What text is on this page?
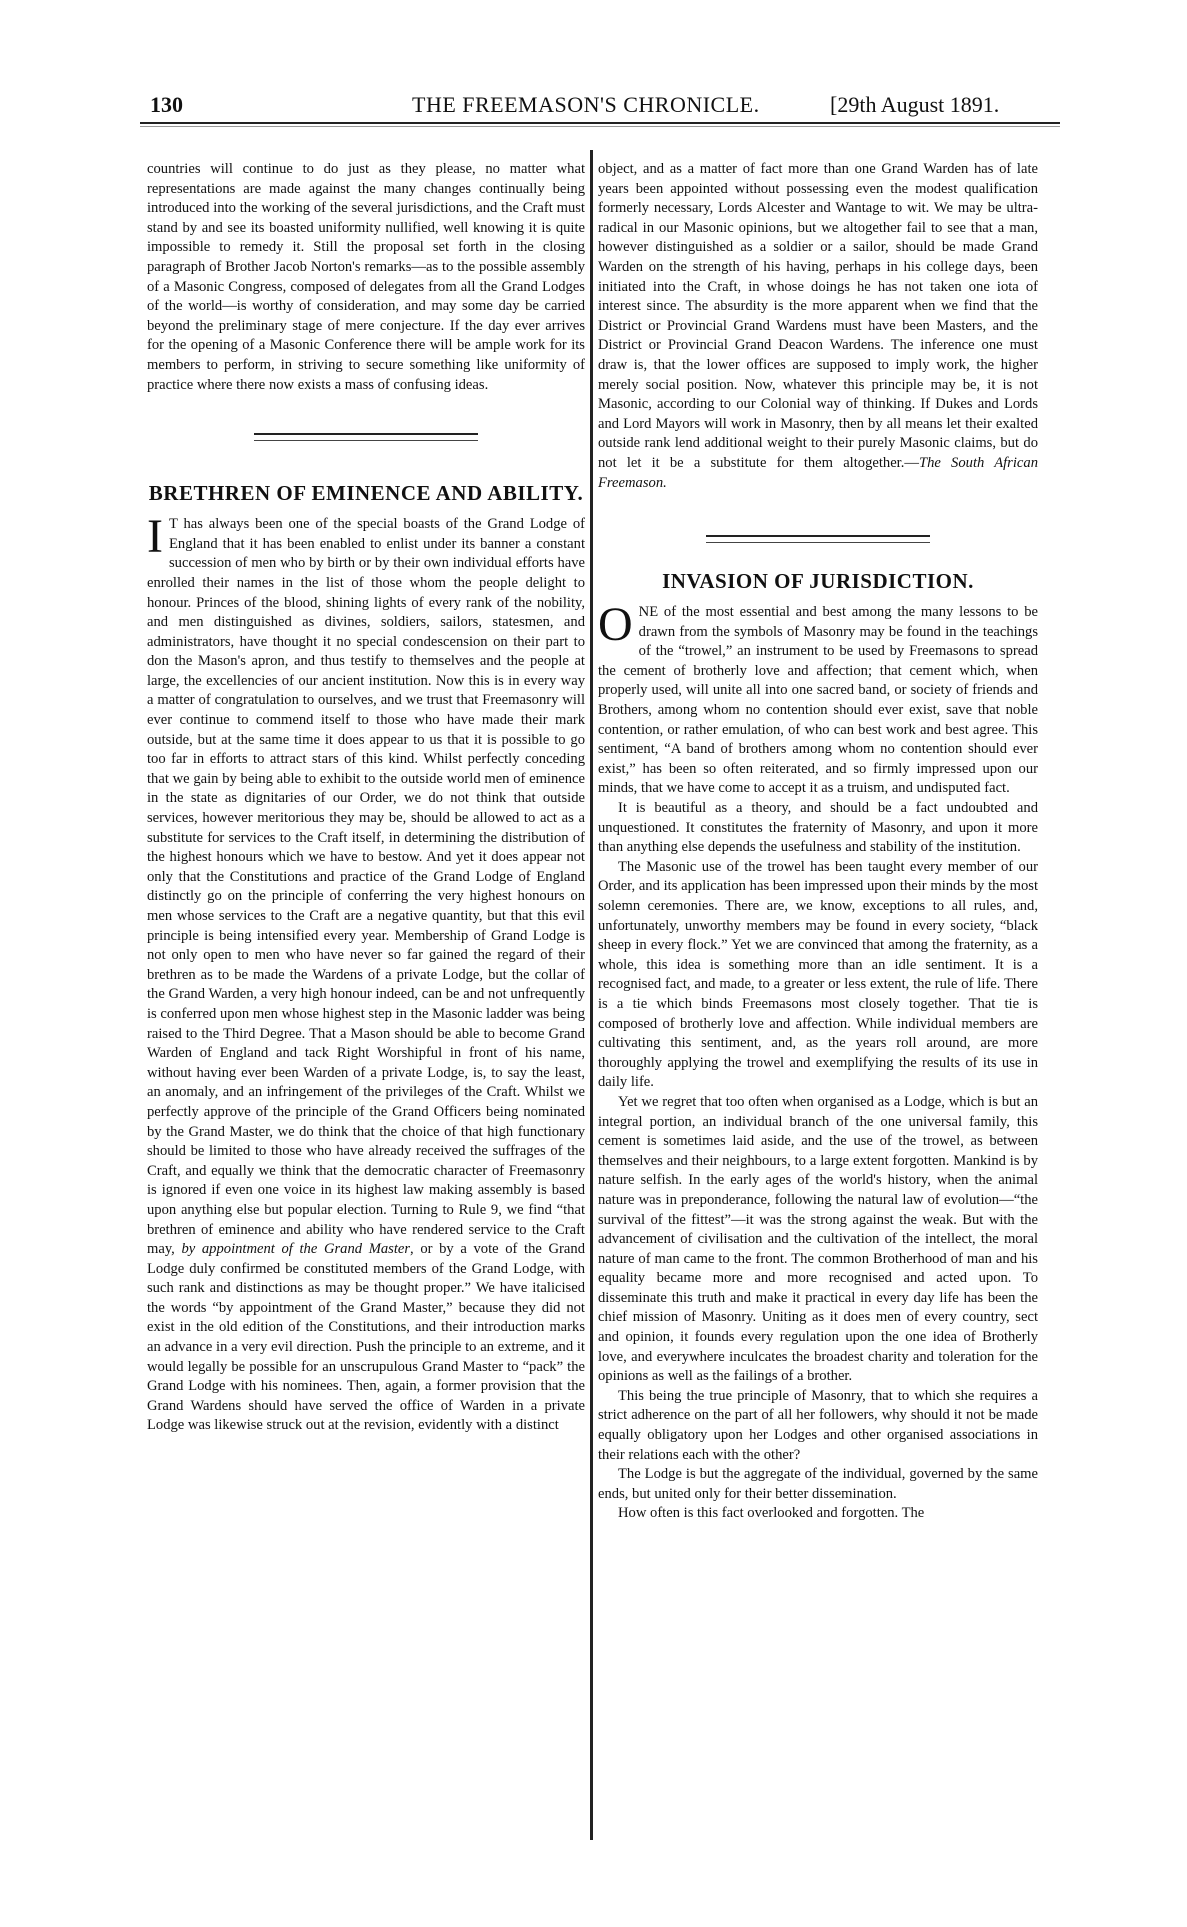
130	THE FREEMASON'S CHRONICLE.	[29th August 1891.

countries will continue to do just as they please, no matter what representations are made against the many changes continually being introduced into the working of the several jurisdictions, and the Craft must stand by and see its boasted uniformity nullified, well knowing it is quite impossible to remedy it. Still the proposal set forth in the closing paragraph of Brother Jacob Norton's remarks—as to the possible assembly of a Masonic Congress, composed of delegates from all the Grand Lodges of the world—is worthy of consideration, and may some day be carried beyond the preliminary stage of mere conjecture. If the day ever arrives for the opening of a Masonic Conference there will be ample work for its members to perform, in striving to secure something like uniformity of practice where there now exists a mass of confusing ideas.

BRETHREN OF EMINENCE AND ABILITY.

I T has always been one of the special boasts of the Grand Lodge of England that it has been enabled to enlist under its banner a constant succession of men who by birth or by their own individual efforts have enrolled their names in the list of those whom the people delight to honour. Princes of the blood, shining lights of every rank of the nobility, and men distinguished as divines, soldiers, sailors, statesmen, and administrators, have thought it no special condescension on their part to don the Mason's apron, and thus testify to themselves and the people at large, the excellencies of our ancient institution. Now this is in every way a matter of congratulation to ourselves, and we trust that Freemasonry will ever continue to commend itself to those who have made their mark outside, but at the same time it does appear to us that it is possible to go too far in efforts to attract stars of this kind. Whilst perfectly conceding that we gain by being able to exhibit to the outside world men of eminence in the state as dignitaries of our Order, we do not think that outside services, however meritorious they may be, should be allowed to act as a substitute for services to the Craft itself, in determining the distribution of the highest honours which we have to bestow. And yet it does appear not only that the Constitutions and practice of the Grand Lodge of England distinctly go on the principle of conferring the very highest honours on men whose services to the Craft are a negative quantity, but that this evil principle is being intensified every year. Membership of Grand Lodge is not only open to men who have never so far gained the regard of their brethren as to be made the Wardens of a private Lodge, but the collar of the Grand Warden, a very high honour indeed, can be and not unfrequently is conferred upon men whose highest step in the Masonic ladder was being raised to the Third Degree. That a Mason should be able to become Grand Warden of England and tack Right Worshipful in front of his name, without having ever been Warden of a private Lodge, is, to say the least, an anomaly, and an infringement of the privileges of the Craft. Whilst we perfectly approve of the principle of the Grand Officers being nominated by the Grand Master, we do think that the choice of that high functionary should be limited to those who have already received the suffrages of the Craft, and equally we think that the democratic character of Freemasonry is ignored if even one voice in its highest law making assembly is based upon anything else but popular election. Turning to Rule 9, we find “that brethren of eminence and ability who have rendered service to the Craft may, by appointment of the Grand Master, or by a vote of the Grand Lodge duly confirmed be constituted members of the Grand Lodge, with such rank and distinctions as may be thought proper.” We have italicised the words “by appointment of the Grand Master,” because they did not exist in the old edition of the Constitutions, and their introduction marks an advance in a very evil direction. Push the principle to an extreme, and it would legally be possible for an unscrupulous Grand Master to “pack” the Grand Lodge with his nominees. Then, again, a former provision that the Grand Wardens should have served the office of Warden in a private Lodge was likewise struck out at the revision, evidently with a distinct

object, and as a matter of fact more than one Grand Warden has of late years been appointed without possessing even the modest qualification formerly necessary, Lords Alcester and Wantage to wit. We may be ultra-radical in our Masonic opinions, but we altogether fail to see that a man, however distinguished as a soldier or a sailor, should be made Grand Warden on the strength of his having, perhaps in his college days, been initiated into the Craft, in whose doings he has not taken one iota of interest since. The absurdity is the more apparent when we find that the District or Provincial Grand Wardens must have been Masters, and the District or Provincial Grand Deacon Wardens. The inference one must draw is, that the lower offices are supposed to imply work, the higher merely social position. Now, whatever this principle may be, it is not Masonic, according to our Colonial way of thinking. If Dukes and Lords and Lord Mayors will work in Masonry, then by all means let their exalted outside rank lend additional weight to their purely Masonic claims, but do not let it be a substitute for them altogether.—The South African Freemason.

INVASION OF JURISDICTION.

ONE of the most essential and best among the many lessons to be drawn from the symbols of Masonry may be found in the teachings of the “trowel,” an instrument to be used by Freemasons to spread the cement of brotherly love and affection; that cement which, when properly used, will unite all into one sacred band, or society of friends and Brothers, among whom no contention should ever exist, save that noble contention, or rather emulation, of who can best work and best agree. This sentiment, “A band of brothers among whom no contention should ever exist,” has been so often reiterated, and so firmly impressed upon our minds, that we have come to accept it as a truism, and undisputed fact.

It is beautiful as a theory, and should be a fact undoubted and unquestioned. It constitutes the fraternity of Masonry, and upon it more than anything else depends the usefulness and stability of the institution.

The Masonic use of the trowel has been taught every member of our Order, and its application has been impressed upon their minds by the most solemn ceremonies. There are, we know, exceptions to all rules, and, unfortunately, unworthy members may be found in every society, “black sheep in every flock.” Yet we are convinced that among the fraternity, as a whole, this idea is something more than an idle sentiment. It is a recognised fact, and made, to a greater or less extent, the rule of life. There is a tie which binds Freemasons most closely together. That tie is composed of brotherly love and affection. While individual members are cultivating this sentiment, and, as the years roll around, are more thoroughly applying the trowel and exemplifying the results of its use in daily life.

Yet we regret that too often when organised as a Lodge, which is but an integral portion, an individual branch of the one universal family, this cement is sometimes laid aside, and the use of the trowel, as between themselves and their neighbours, to a large extent forgotten. Mankind is by nature selfish. In the early ages of the world's history, when the animal nature was in preponderance, following the natural law of evolution—“the survival of the fittest”—it was the strong against the weak. But with the advancement of civilisation and the cultivation of the intellect, the moral nature of man came to the front. The common Brotherhood of man and his equality became more and more recognised and acted upon. To disseminate this truth and make it practical in every day life has been the chief mission of Masonry. Uniting as it does men of every country, sect and opinion, it founds every regulation upon the one idea of Brotherly love, and everywhere inculcates the broadest charity and toleration for the opinions as well as the failings of a brother.

This being the true principle of Masonry, that to which she requires a strict adherence on the part of all her followers, why should it not be made equally obligatory upon her Lodges and other organised associations in their relations each with the other?

The Lodge is but the aggregate of the individual, governed by the same ends, but united only for their better dissemination.

How often is this fact overlooked and forgotten. The
